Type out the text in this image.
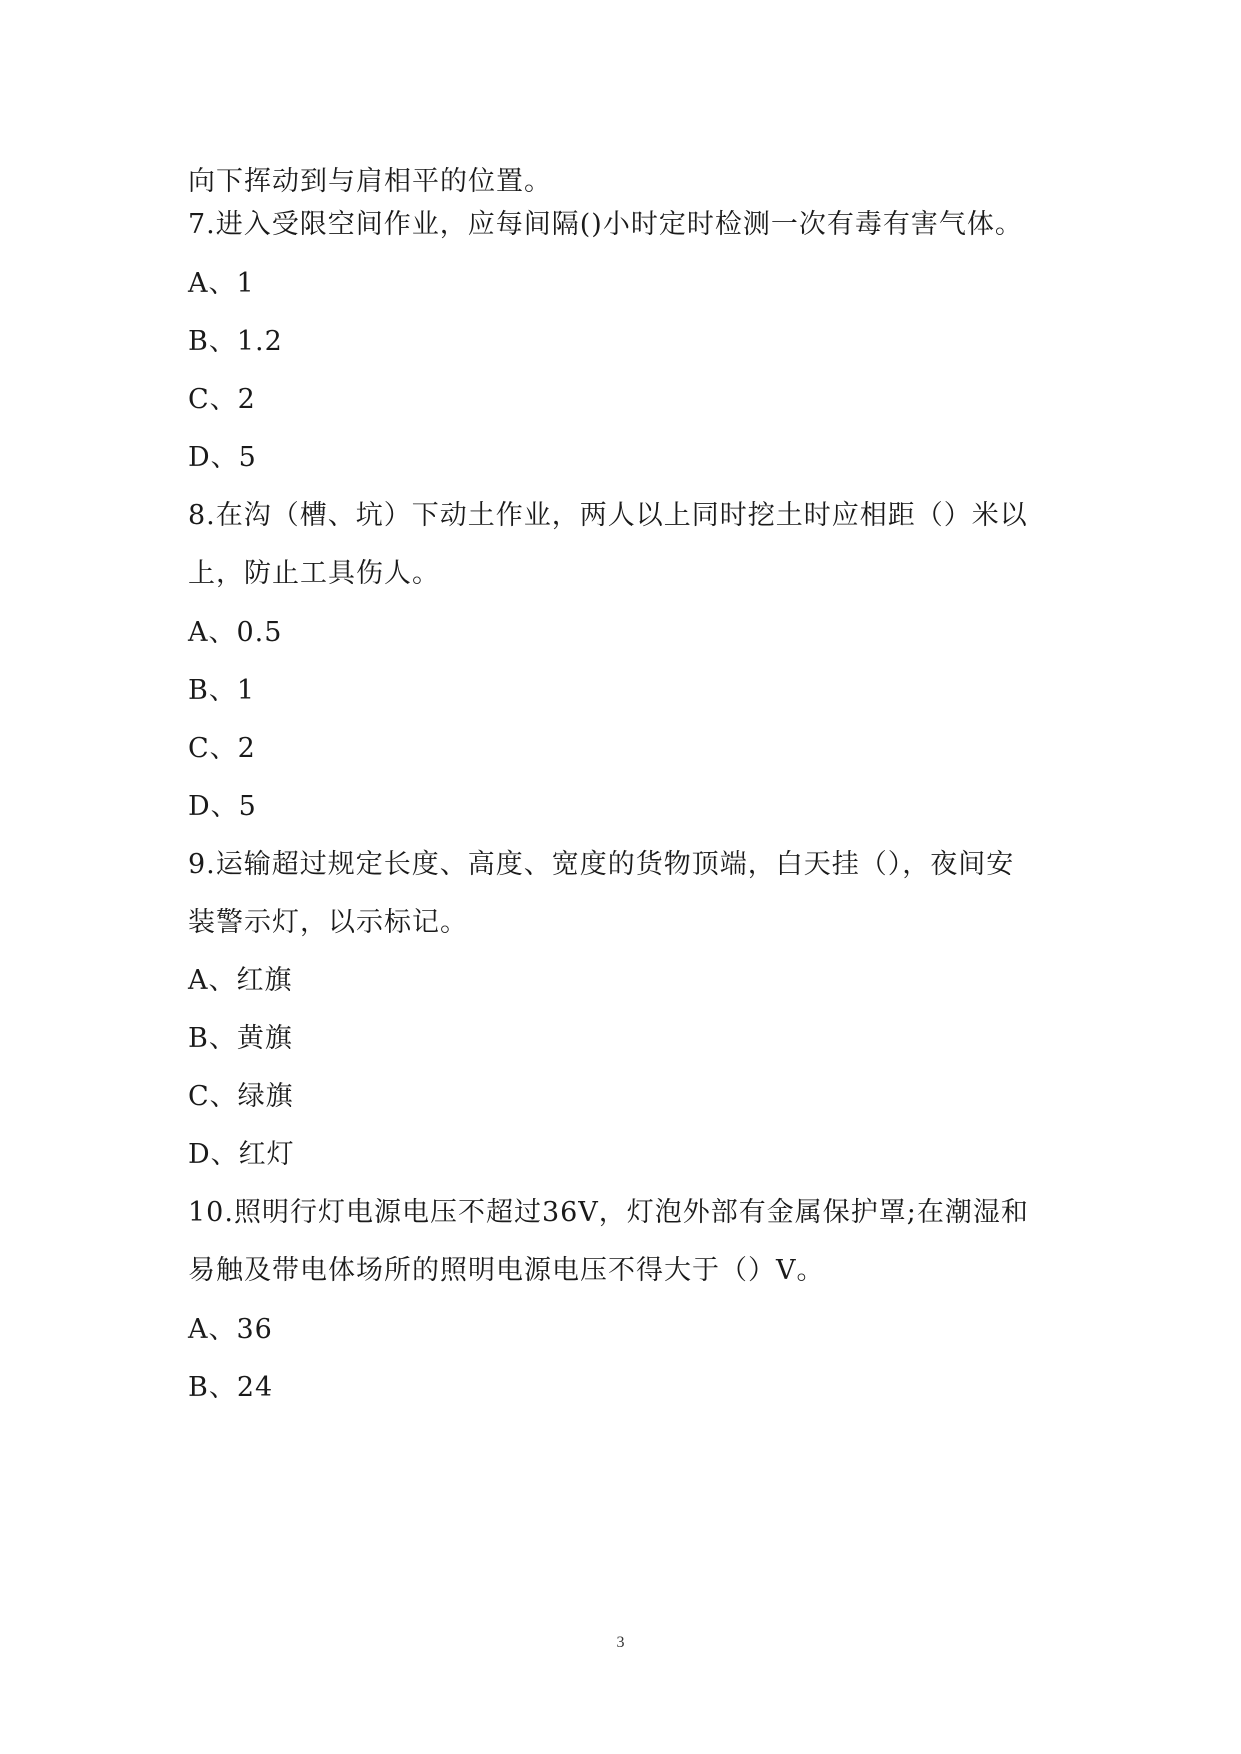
向下挥动到与肩相平的位置。
7.进入受限空间作业，应每间隔()小时定时检测一次有毒有害气体。
A、1
B、1.2
C、2
D、5
8.在沟（槽、坑）下动土作业，两人以上同时挖土时应相距（）米以
上，防止工具伤人。
A、0.5
B、1
C、2
D、5
9.运输超过规定长度、高度、宽度的货物顶端，白天挂（），夜间安
装警示灯，以示标记。
A、红旗
B、黄旗
C、绿旗
D、红灯
10.照明行灯电源电压不超过36V，灯泡外部有金属保护罩;在潮湿和
易触及带电体场所的照明电源电压不得大于（）V。
A、36
B、24
3
